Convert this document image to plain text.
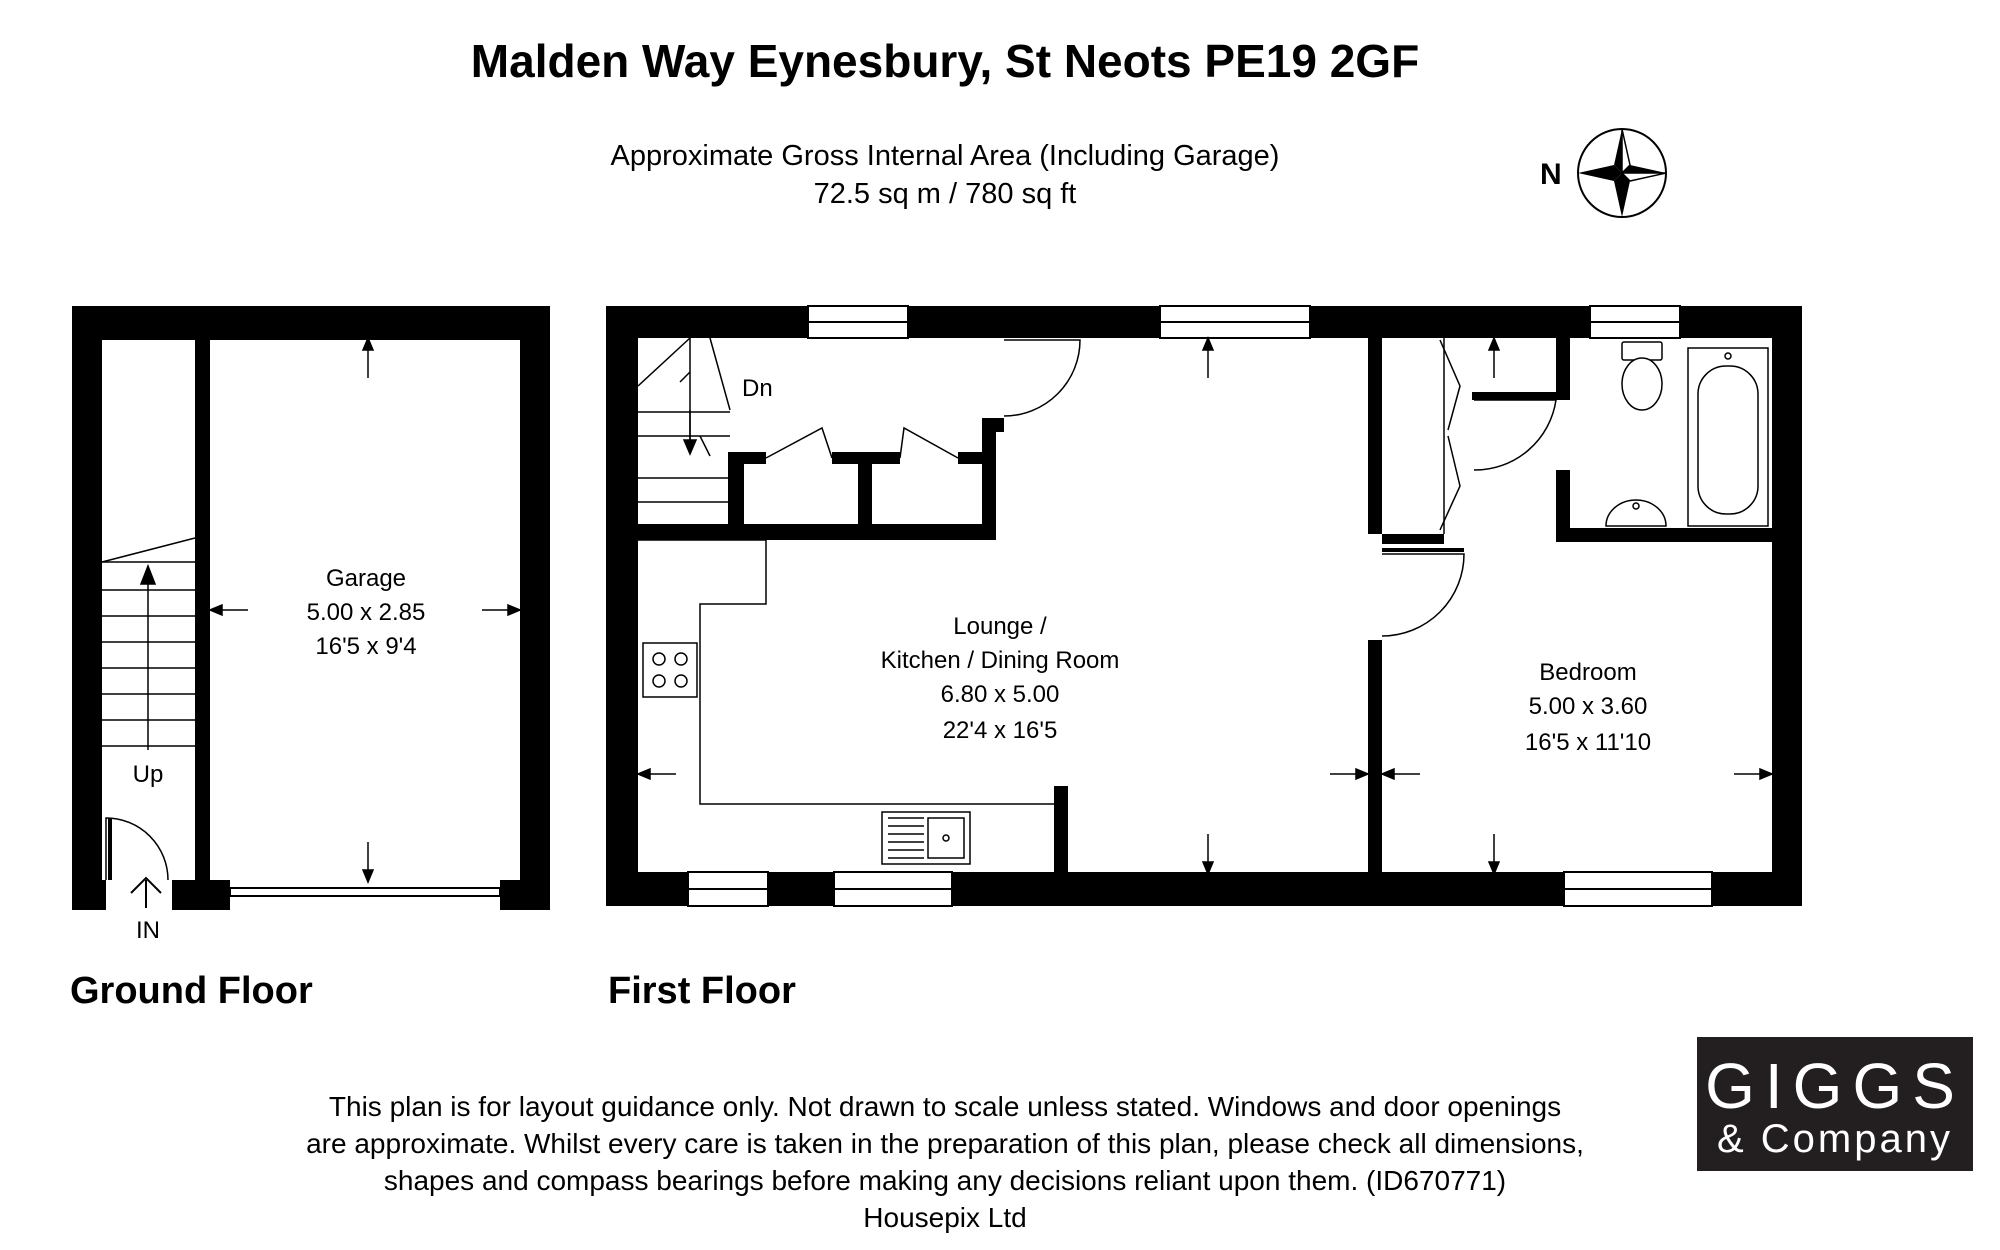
Malden Way Eynesbury, St Neots PE19 2GF
Approximate Gross Internal Area (Including Garage)
72.5 sq m / 780 sq ft
N
Garage
5.00 x 2.85
16'5 x 9'4
Up
IN
Dn
Lounge /
Kitchen / Dining Room
6.80 x 5.00
22'4 x 16'5
Bedroom
5.00 x 3.60
16'5 x 11'10
Ground Floor	First Floor
This plan is for layout guidance only. Not drawn to scale unless stated. Windows and door openings
are approximate. Whilst every care is taken in the preparation of this plan, please check all dimensions,
shapes and compass bearings before making any decisions reliant upon them. (ID670771)
Housepix Ltd
GIGGS
& Company
